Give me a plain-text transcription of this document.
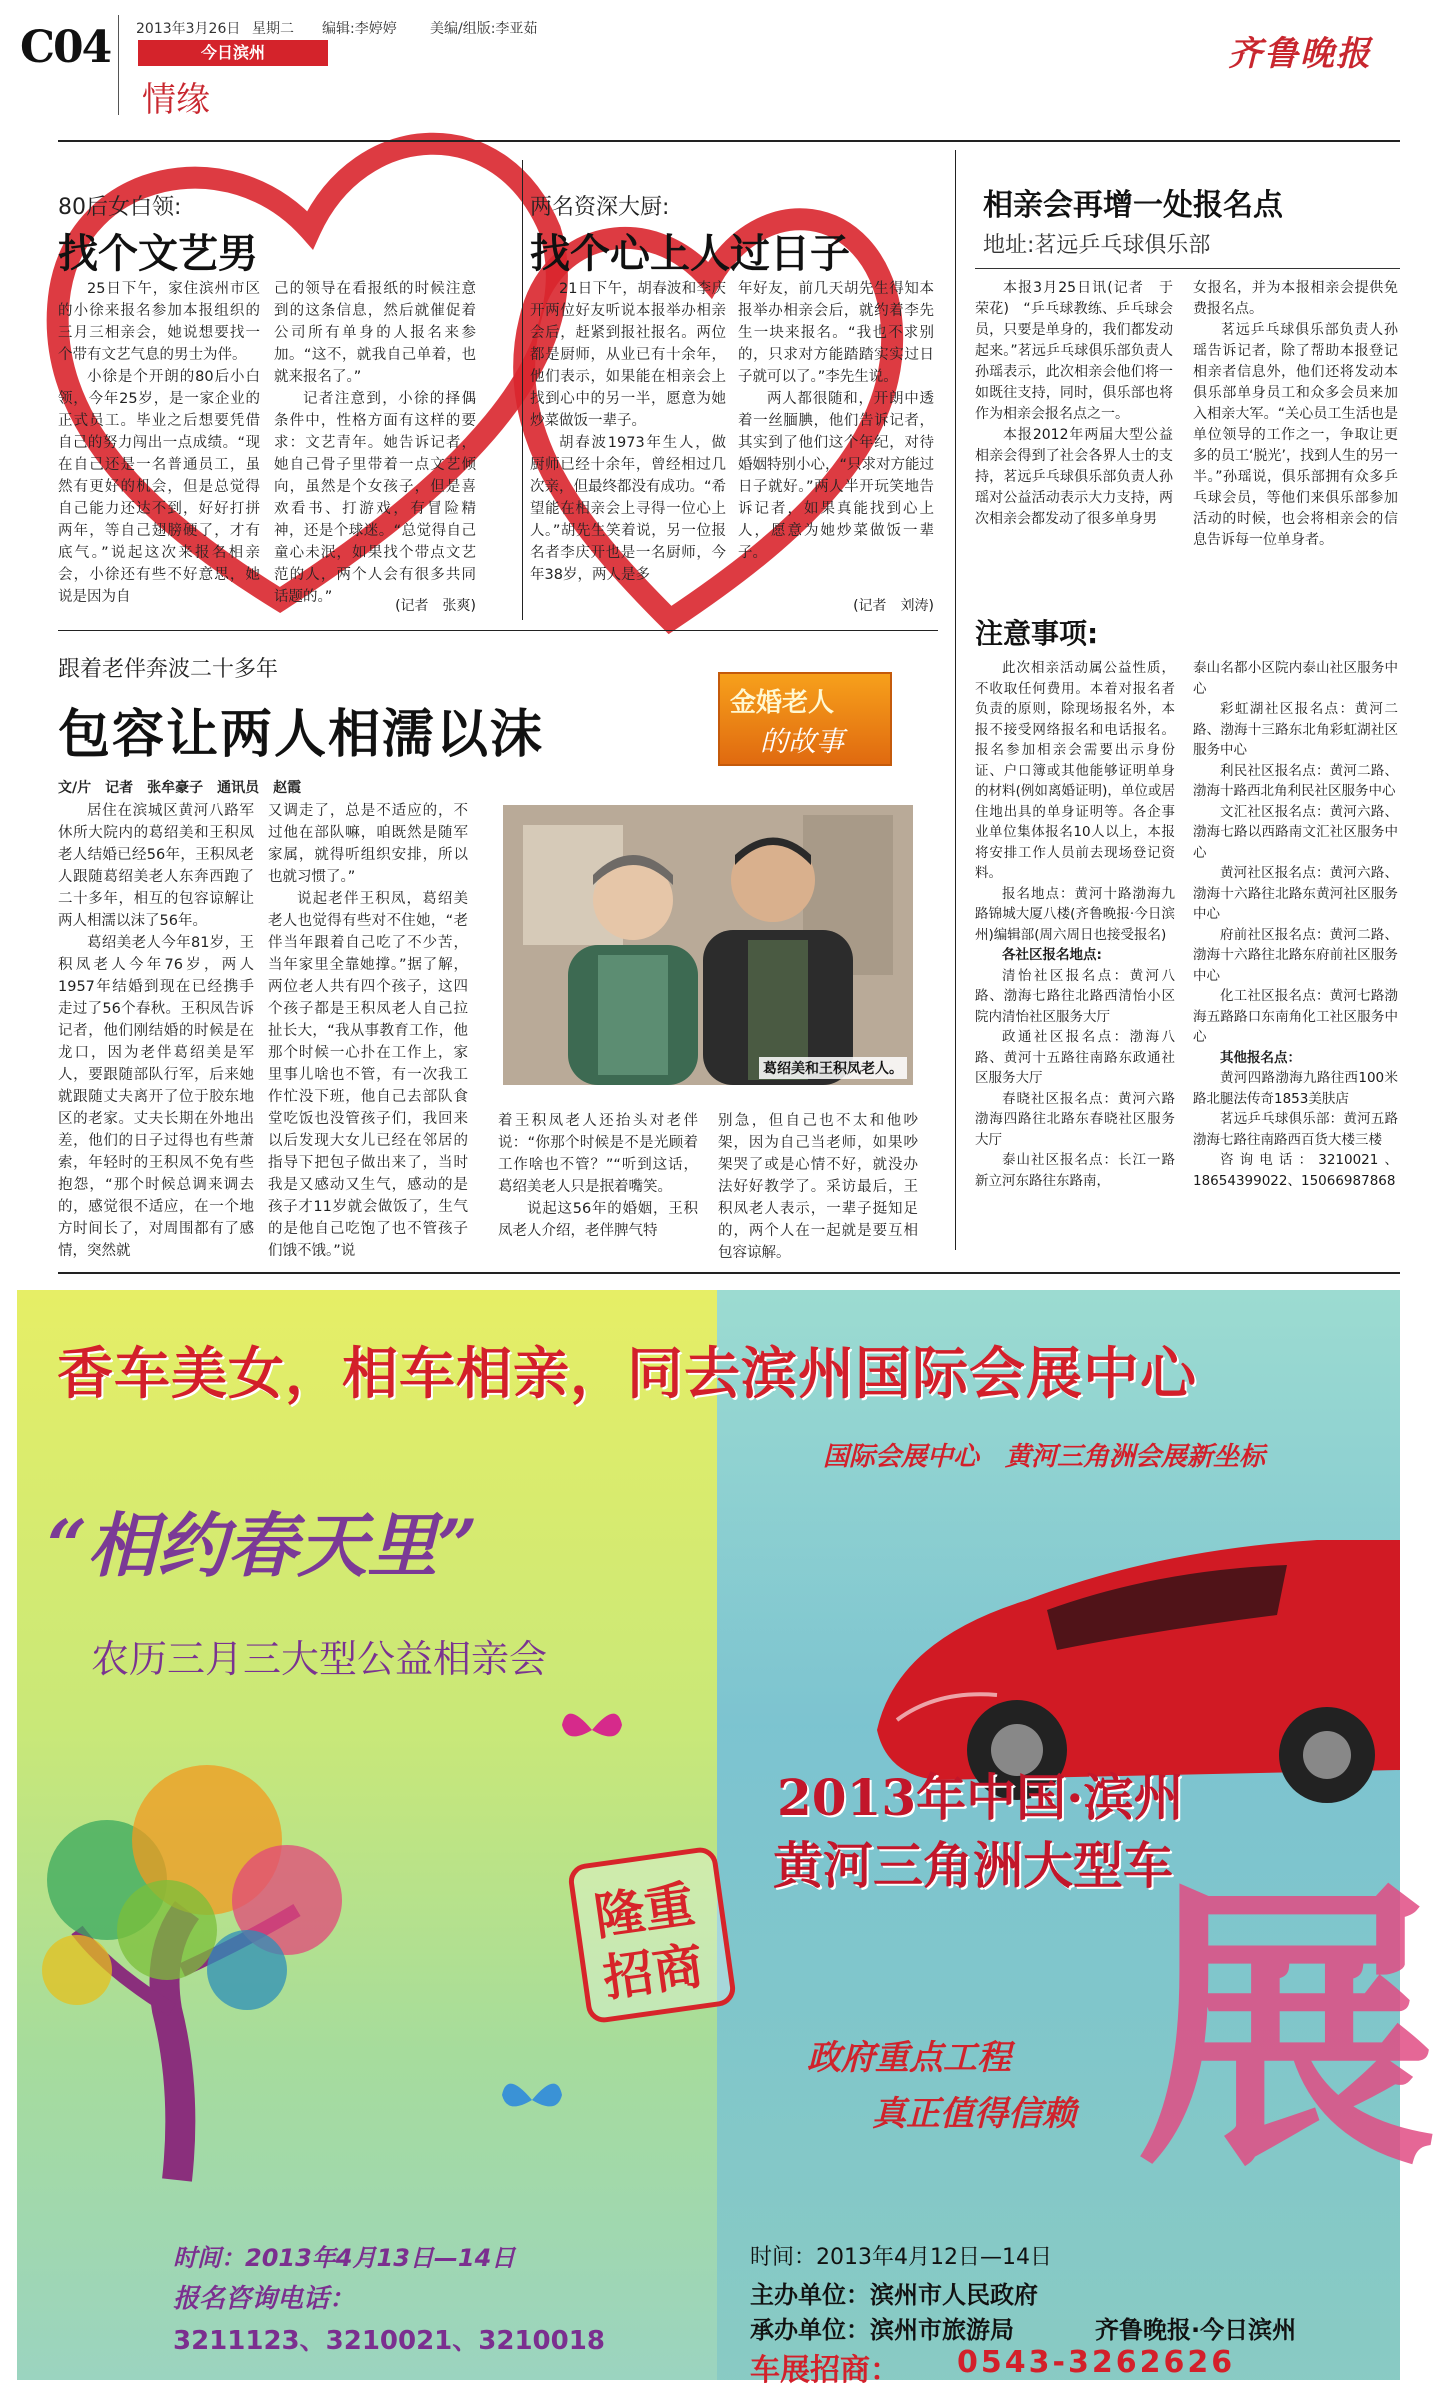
C04 2013年3月26日 星期二 编辑:李婷婷 美编/组版:李亚茹
今日滨州
情缘
齐鲁晚报
80后女白领:
找个文艺男

25日下午，家住滨州市区的小徐来报名参加本报组织的三月三相亲会，她说想要找一个带有文艺气息的男士为伴。

小徐是个开朗的80后小白领，今年25岁，是一家企业的正式员工。毕业之后想要凭借自己的努力闯出一点成绩。“现在自己还是一名普通员工，虽然有更好的机会，但是总觉得自己能力还达不到，好好打拼两年，等自己翅膀硬了，才有底气。”说起这次来报名相亲会，小徐还有些不好意思，她说是因为自

己的领导在看报纸的时候注意到的这条信息，然后就催促着公司所有单身的人报名来参加。“这不，就我自己单着，也就来报名了。”

记者注意到，小徐的择偶条件中，性格方面有这样的要求：文艺青年。她告诉记者，她自己骨子里带着一点文艺倾向，虽然是个女孩子，但是喜欢看书、打游戏，有冒险精神，还是个球迷。“总觉得自己童心未泯，如果找个带点文艺范的人，两个人会有很多共同话题的。”

(记者　张爽)
两名资深大厨:
找个心上人过日子

21日下午，胡春波和李庆开两位好友听说本报举办相亲会后，赶紧到报社报名。两位都是厨师，从业已有十余年，他们表示，如果能在相亲会上找到心中的另一半，愿意为她炒菜做饭一辈子。

胡春波1973年生人，做厨师已经十余年，曾经相过几次亲，但最终都没有成功。“希望能在相亲会上寻得一位心上人。”胡先生笑着说，另一位报名者李庆开也是一名厨师，今年38岁，两人是多

年好友，前几天胡先生得知本报举办相亲会后，就约着李先生一块来报名。“我也不求别的，只求对方能踏踏实实过日子就可以了。”李先生说。

两人都很随和，开朗中透着一丝腼腆，他们告诉记者，其实到了他们这个年纪，对待婚姻特别小心，“只求对方能过日子就好。”两人半开玩笑地告诉记者，如果真能找到心上人，愿意为她炒菜做饭一辈子。

(记者　刘涛)
相亲会再增一处报名点
地址:茗远乒乓球俱乐部

本报3月25日讯(记者　于荣花)　“乒乓球教练、乒乓球会员，只要是单身的，我们都发动起来。”茗远乒乓球俱乐部负责人孙瑶表示，此次相亲会他们将一如既往支持，同时，俱乐部也将作为相亲会报名点之一。

本报2012年两届大型公益相亲会得到了社会各界人士的支持，茗远乒乓球俱乐部负责人孙瑶对公益活动表示大力支持，两次相亲会都发动了很多单身男

女报名，并为本报相亲会提供免费报名点。

茗远乒乓球俱乐部负责人孙瑶告诉记者，除了帮助本报登记相亲者信息外，他们还将发动本俱乐部单身员工和众多会员来加入相亲大军。“关心员工生活也是单位领导的工作之一，争取让更多的员工‘脱光’，找到人生的另一半。”孙瑶说，俱乐部拥有众多乒乓球会员，等他们来俱乐部参加活动的时候，也会将相亲会的信息告诉每一位单身者。

注意事项:

此次相亲活动属公益性质，不收取任何费用。本着对报名者负责的原则，除现场报名外，本报不接受网络报名和电话报名。报名参加相亲会需要出示身份证、户口簿或其他能够证明单身的材料(例如离婚证明)，单位或居住地出具的单身证明等。各企事业单位集体报名10人以上，本报将安排工作人员前去现场登记资料。

报名地点：黄河十路渤海九路锦城大厦八楼(齐鲁晚报·今日滨州)编辑部(周六周日也接受报名)

各社区报名地点:

清怡社区报名点：黄河八路、渤海七路往北路西清怡小区院内清怡社区服务大厅

政通社区报名点：渤海八路、黄河十五路往南路东政通社区服务大厅

春晓社区报名点：黄河六路渤海四路往北路东春晓社区服务大厅

泰山社区报名点：长江一路新立河东路往东路南，

泰山名都小区院内泰山社区服务中心

彩虹湖社区报名点：黄河二路、渤海十三路东北角彩虹湖社区服务中心

利民社区报名点：黄河二路、渤海十路西北角利民社区服务中心

文汇社区报名点：黄河六路、渤海七路以西路南文汇社区服务中心

黄河社区报名点：黄河六路、渤海十六路往北路东黄河社区服务中心

府前社区报名点：黄河二路、渤海十六路往北路东府前社区服务中心

化工社区报名点：黄河七路渤海五路路口东南角化工社区服务中心

其他报名点：

黄河四路渤海九路往西100米路北腿法传奇1853美肤店

茗远乒乓球俱乐部：黄河五路渤海七路往南路西百货大楼三楼

咨询电话：3210021、18654399022、15066987868

跟着老伴奔波二十多年
包容让两人相濡以沫
金婚老人
的故事
文/片　记者　张牟豪子　通讯员　赵霞

居住在滨城区黄河八路军休所大院内的葛绍美和王积凤老人结婚已经56年，王积凤老人跟随葛绍美老人东奔西跑了二十多年，相互的包容谅解让两人相濡以沫了56年。

葛绍美老人今年81岁，王积凤老人今年76岁，两人1957年结婚到现在已经携手走过了56个春秋。王积凤告诉记者，他们刚结婚的时候是在龙口，因为老伴葛绍美是军人，要跟随部队行军，后来她就跟随丈夫离开了位于胶东地区的老家。丈夫长期在外地出差，他们的日子过得也有些萧索，年轻时的王积凤不免有些抱怨，“那个时候总调来调去的，感觉很不适应，在一个地方时间长了，对周围都有了感情，突然就

又调走了，总是不适应的，不过他在部队嘛，咱既然是随军家属，就得听组织安排，所以也就习惯了。”

说起老伴王积凤，葛绍美老人也觉得有些对不住她，“老伴当年跟着自己吃了不少苦，当年家里全靠她撑。”据了解，两位老人共有四个孩子，这四个孩子都是王积凤老人自己拉扯长大，“我从事教育工作，他那个时候一心扑在工作上，家里事儿啥也不管，有一次我工作忙没下班，他自己去部队食堂吃饭也没管孩子们，我回来以后发现大女儿已经在邻居的指导下把包子做出来了，当时我是又感动又生气，感动的是孩子才11岁就会做饭了，生气的是他自己吃饱了也不管孩子们饿不饿。”说

葛绍美和王积凤老人。

着王积凤老人还抬头对老伴说：“你那个时候是不是光顾着工作啥也不管？”“听到这话，葛绍美老人只是抿着嘴笑。

说起这56年的婚姻，王积凤老人介绍，老伴脾气特

别急，但自己也不太和他吵架，因为自己当老师，如果吵架哭了或是心情不好，就没办法好好教学了。采访最后，王积凤老人表示，一辈子挺知足的，两个人在一起就是要互相包容谅解。

香车美女，相车相亲，同去滨州国际会展中心
国际会展中心　黄河三角洲会展新坐标
“相约春天里”
农历三月三大型公益相亲会
2013年中国·滨州
黄河三角洲大型车
展
隆重
招商
政府重点工程
真正值得信赖
时间：2013年4月13日—14日
报名咨询电话：
3211123、3210021、3210018
时间：2013年4月12日—14日
主办单位：滨州市人民政府
承办单位：滨州市旅游局	齐鲁晚报·今日滨州
车展招商： 0543-3262626
